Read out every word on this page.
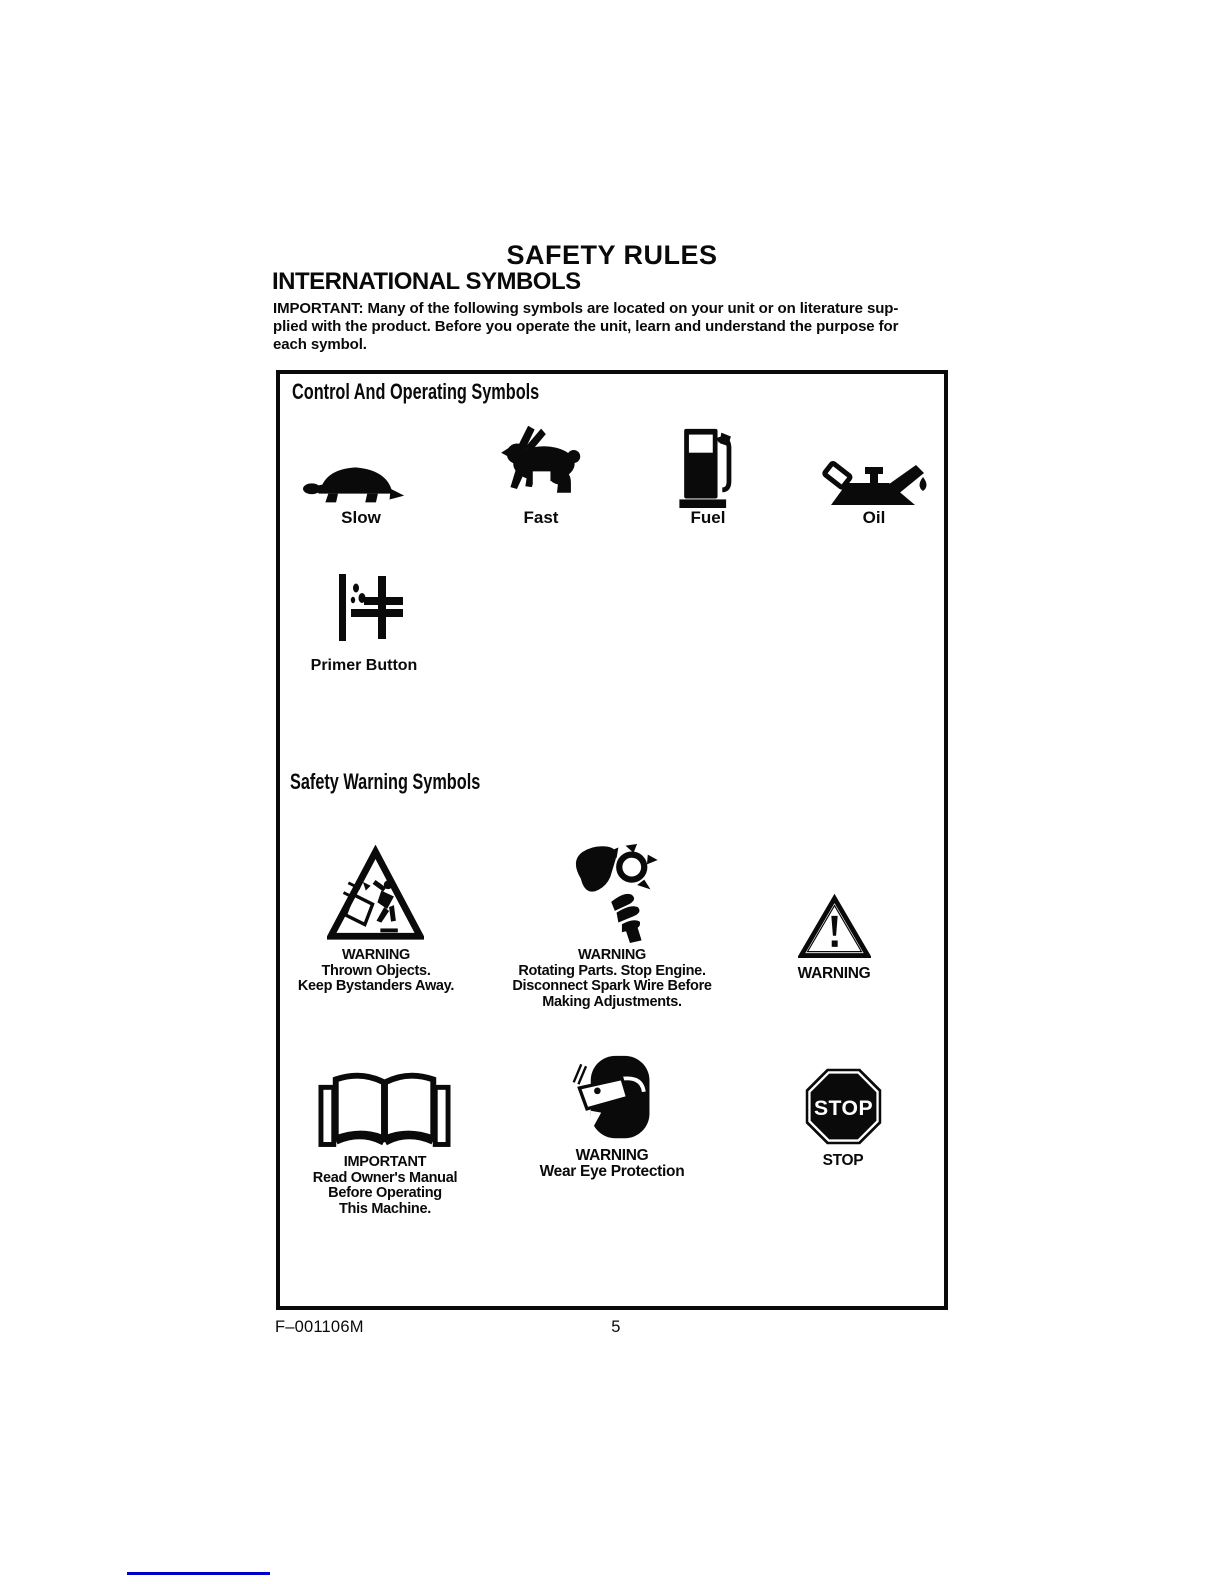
SAFETY RULES
INTERNATIONAL SYMBOLS
IMPORTANT: Many of the following symbols are located on your unit or on literature sup-
plied with the product. Before you operate the unit, learn and understand the purpose for
each symbol.
Control And Operating Symbols
Slow	Fast	Fuel	Oil
Primer Button
Safety Warning Symbols
WARNING
Thrown Objects.
Keep Bystanders Away.
WARNING
Rotating Parts. Stop Engine.
Disconnect Spark Wire Before
Making Adjustments.
WARNING
IMPORTANT
Read Owner's Manual
Before Operating
This Machine.
WARNING
Wear Eye Protection
STOP
STOP
F–001106M	5
